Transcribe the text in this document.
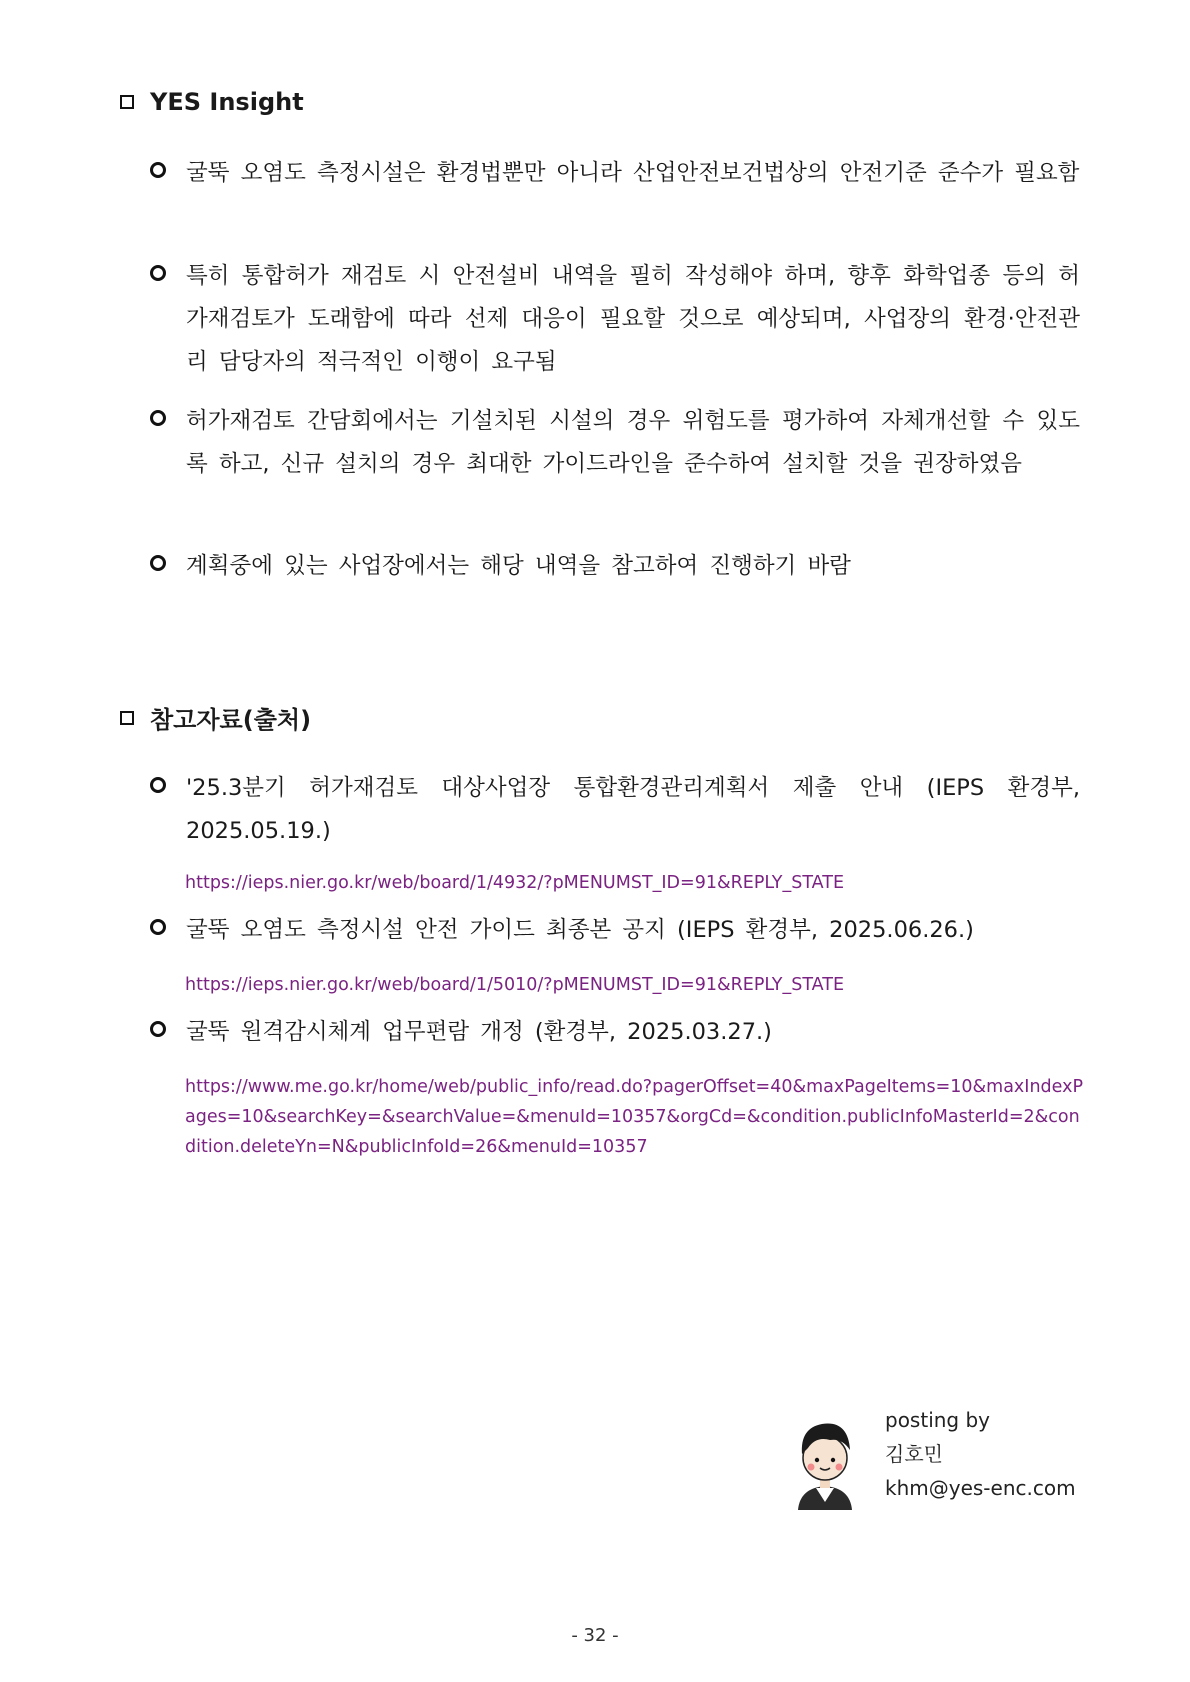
YES Insight
굴뚝 오염도 측정시설은 환경법뿐만 아니라 산업안전보건법상의 안전기준 준수가 필요함
특히 통합허가 재검토 시 안전설비 내역을 필히 작성해야 하며, 향후 화학업종 등의 허가재검토가 도래함에 따라 선제 대응이 필요할 것으로 예상되며, 사업장의 환경·안전관리 담당자의 적극적인 이행이 요구됨
허가재검토 간담회에서는 기설치된 시설의 경우 위험도를 평가하여 자체개선할 수 있도록 하고, 신규 설치의 경우 최대한 가이드라인을 준수하여 설치할 것을 권장하였음
계획중에 있는 사업장에서는 해당 내역을 참고하여 진행하기 바람
참고자료(출처)
'25.3분기 허가재검토 대상사업장 통합환경관리계획서 제출 안내 (IEPS 환경부, 2025.05.19.)
https://ieps.nier.go.kr/web/board/1/4932/?pMENUMST_ID=91&REPLY_STATE
굴뚝 오염도 측정시설 안전 가이드 최종본 공지 (IEPS 환경부, 2025.06.26.)
https://ieps.nier.go.kr/web/board/1/5010/?pMENUMST_ID=91&REPLY_STATE
굴뚝 원격감시체계 업무편람 개정 (환경부, 2025.03.27.)
https://www.me.go.kr/home/web/public_info/read.do?pagerOffset=40&maxPageItems=10&maxIndexPages=10&searchKey=&searchValue=&menuId=10357&orgCd=&condition.publicInfoMasterId=2&condition.deleteYn=N&publicInfoId=26&menuId=10357
posting by
김호민
khm@yes-enc.com
- 32 -
